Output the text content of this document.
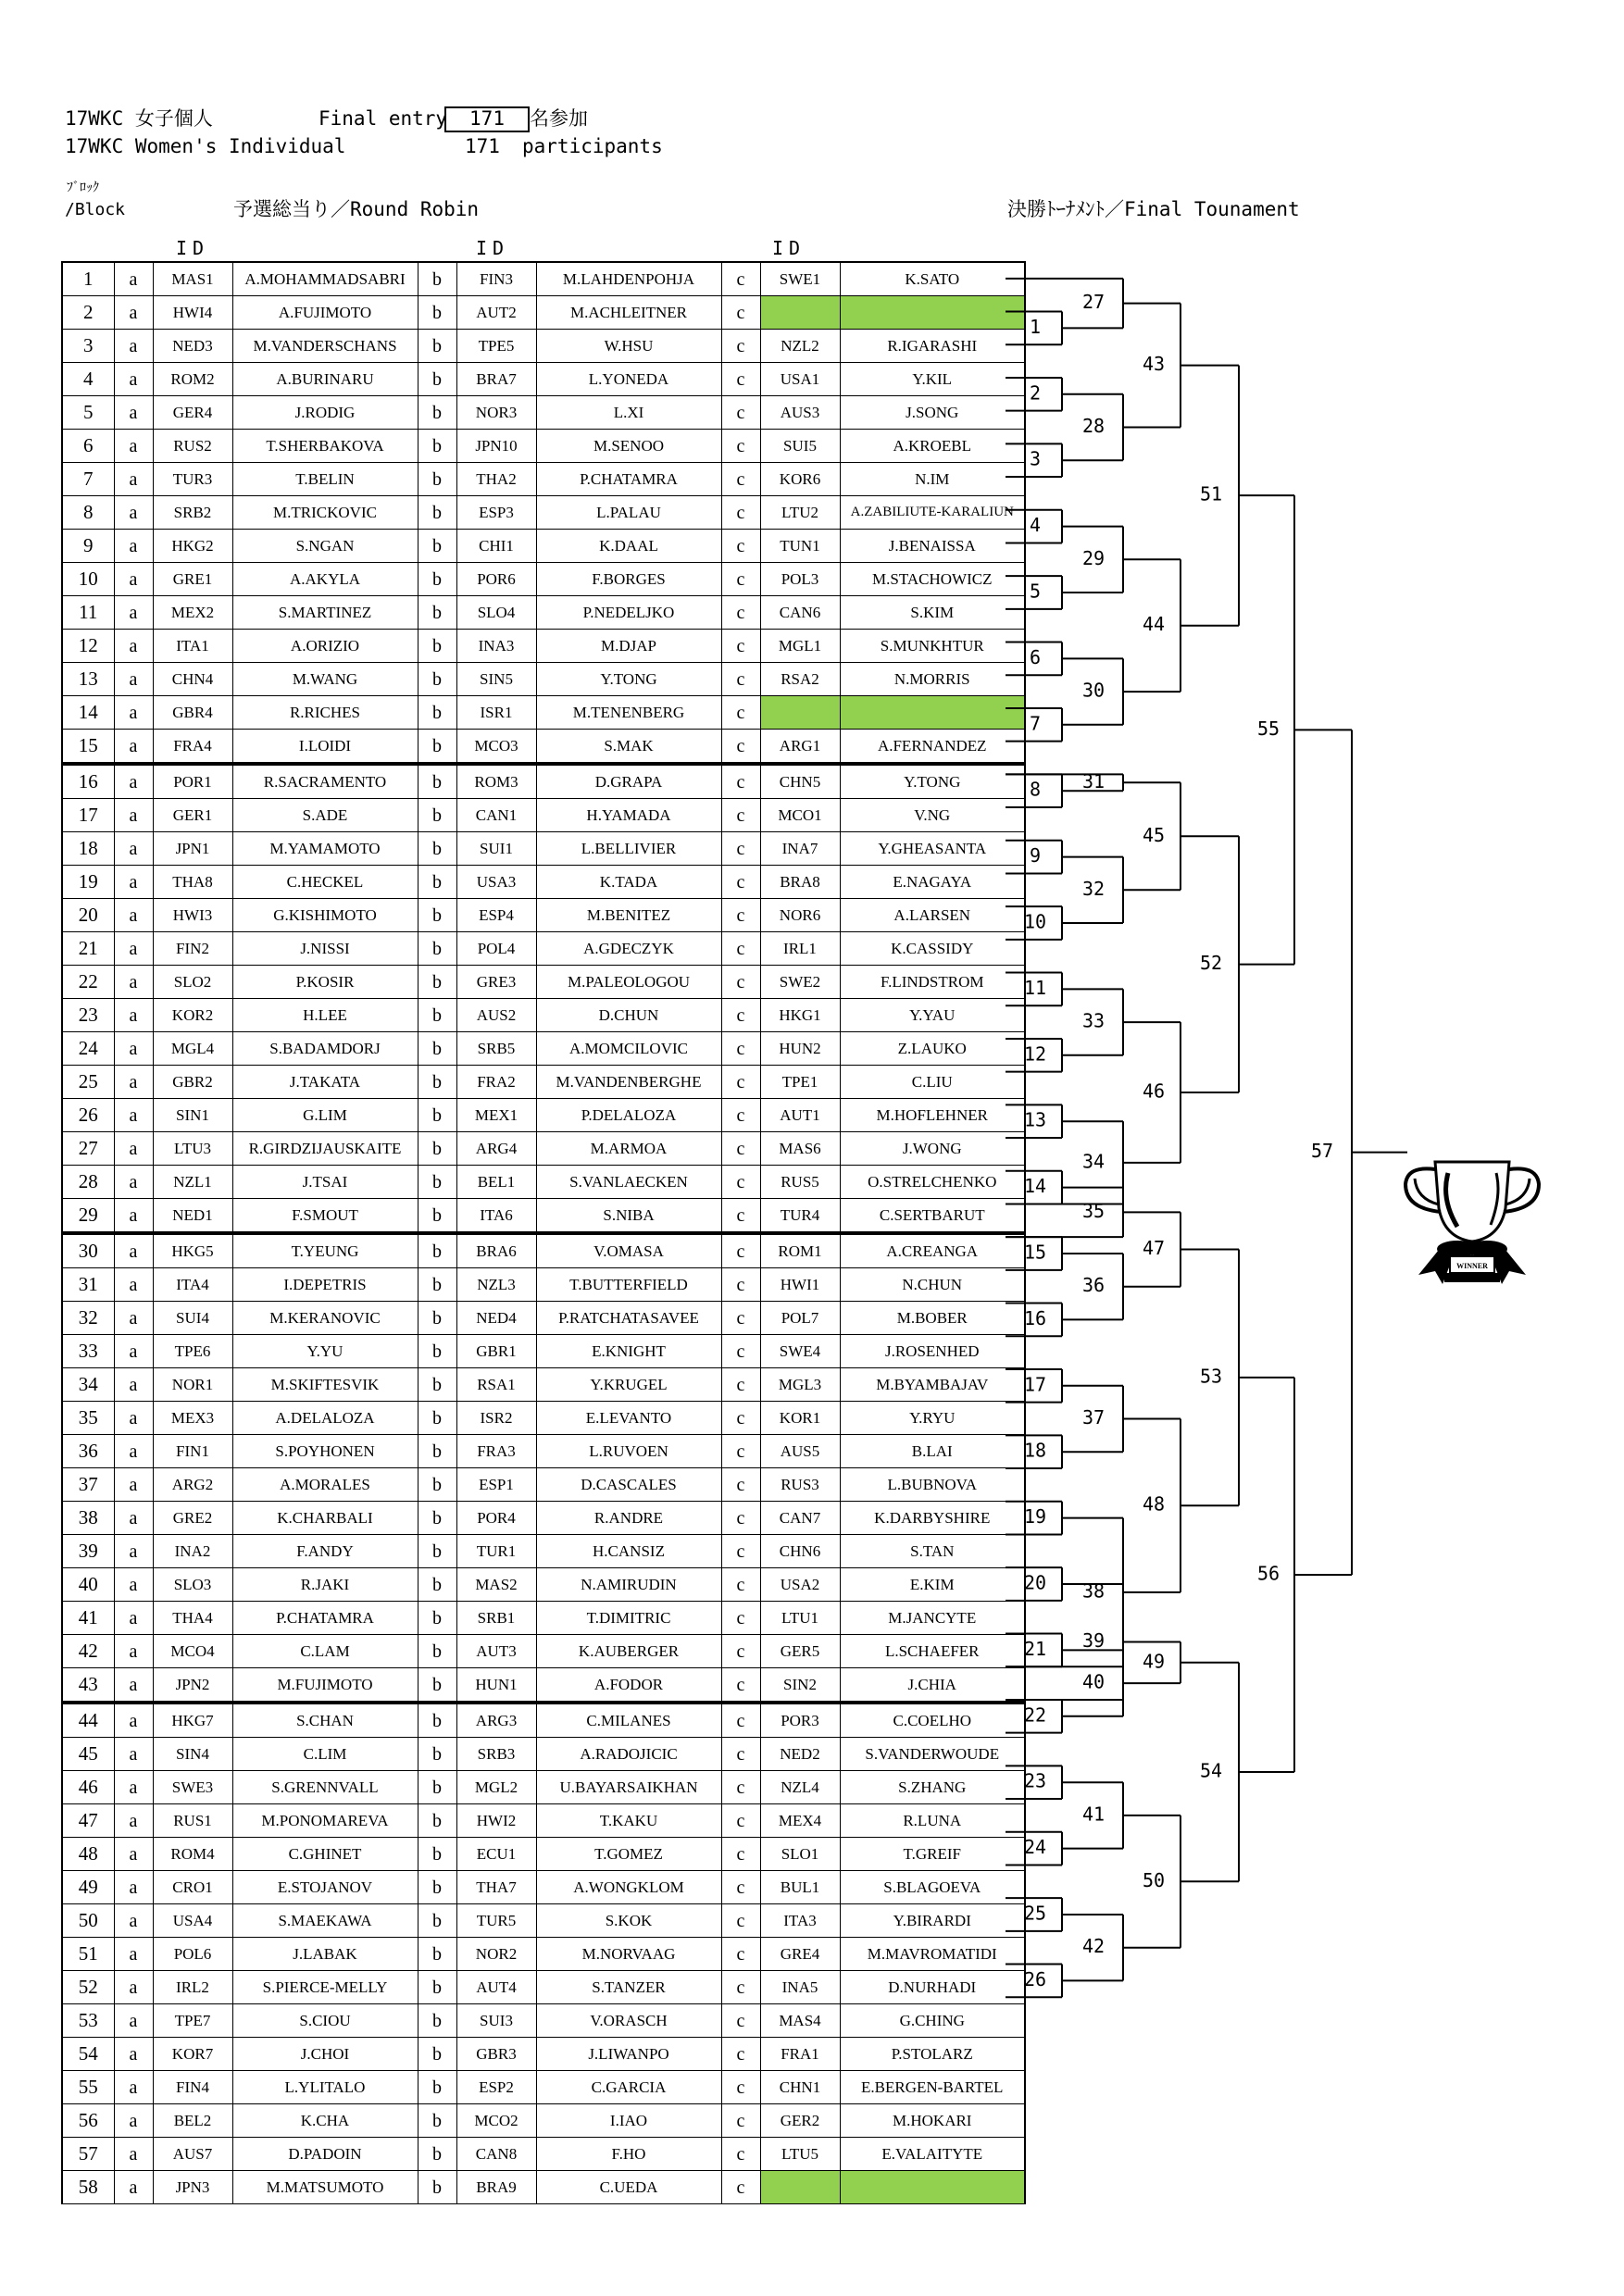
17WKC 女子個人	Final entry	171	名参加
17WKC Women's Individual	171 participants
ﾌﾞﾛｯｸ
/Block	予選総当り／Round Robin	決勝ﾄｰﾅﾒﾝﾄ／Final Tounament
ID	ID	ID
1	a	MAS1	A.MOHAMMADSABRI	b	FIN3	M.LAHDENPOHJA	c	SWE1	K.SATO
2	a	HWI4	A.FUJIMOTO	b	AUT2	M.ACHLEITNER	c		
3	a	NED3	M.VANDERSCHANS	b	TPE5	W.HSU	c	NZL2	R.IGARASHI
4	a	ROM2	A.BURINARU	b	BRA7	L.YONEDA	c	USA1	Y.KIL
5	a	GER4	J.RODIG	b	NOR3	L.XI	c	AUS3	J.SONG
6	a	RUS2	T.SHERBAKOVA	b	JPN10	M.SENOO	c	SUI5	A.KROEBL
7	a	TUR3	T.BELIN	b	THA2	P.CHATAMRA	c	KOR6	N.IM
8	a	SRB2	M.TRICKOVIC	b	ESP3	L.PALAU	c	LTU2	A.ZABILIUTE-KARALIUN
9	a	HKG2	S.NGAN	b	CHI1	K.DAAL	c	TUN1	J.BENAISSA
10	a	GRE1	A.AKYLA	b	POR6	F.BORGES	c	POL3	M.STACHOWICZ
11	a	MEX2	S.MARTINEZ	b	SLO4	P.NEDELJKO	c	CAN6	S.KIM
12	a	ITA1	A.ORIZIO	b	INA3	M.DJAP	c	MGL1	S.MUNKHTUR
13	a	CHN4	M.WANG	b	SIN5	Y.TONG	c	RSA2	N.MORRIS
14	a	GBR4	R.RICHES	b	ISR1	M.TENENBERG	c		
15	a	FRA4	I.LOIDI	b	MCO3	S.MAK	c	ARG1	A.FERNANDEZ
16	a	POR1	R.SACRAMENTO	b	ROM3	D.GRAPA	c	CHN5	Y.TONG
17	a	GER1	S.ADE	b	CAN1	H.YAMADA	c	MCO1	V.NG
18	a	JPN1	M.YAMAMOTO	b	SUI1	L.BELLIVIER	c	INA7	Y.GHEASANTA
19	a	THA8	C.HECKEL	b	USA3	K.TADA	c	BRA8	E.NAGAYA
20	a	HWI3	G.KISHIMOTO	b	ESP4	M.BENITEZ	c	NOR6	A.LARSEN
21	a	FIN2	J.NISSI	b	POL4	A.GDECZYK	c	IRL1	K.CASSIDY
22	a	SLO2	P.KOSIR	b	GRE3	M.PALEOLOGOU	c	SWE2	F.LINDSTROM
23	a	KOR2	H.LEE	b	AUS2	D.CHUN	c	HKG1	Y.YAU
24	a	MGL4	S.BADAMDORJ	b	SRB5	A.MOMCILOVIC	c	HUN2	Z.LAUKO
25	a	GBR2	J.TAKATA	b	FRA2	M.VANDENBERGHE	c	TPE1	C.LIU
26	a	SIN1	G.LIM	b	MEX1	P.DELALOZA	c	AUT1	M.HOFLEHNER
27	a	LTU3	R.GIRDZIJAUSKAITE	b	ARG4	M.ARMOA	c	MAS6	J.WONG
28	a	NZL1	J.TSAI	b	BEL1	S.VANLAECKEN	c	RUS5	O.STRELCHENKO
29	a	NED1	F.SMOUT	b	ITA6	S.NIBA	c	TUR4	C.SERTBARUT
30	a	HKG5	T.YEUNG	b	BRA6	V.OMASA	c	ROM1	A.CREANGA
31	a	ITA4	I.DEPETRIS	b	NZL3	T.BUTTERFIELD	c	HWI1	N.CHUN
32	a	SUI4	M.KERANOVIC	b	NED4	P.RATCHATASAVEE	c	POL7	M.BOBER
33	a	TPE6	Y.YU	b	GBR1	E.KNIGHT	c	SWE4	J.ROSENHED
34	a	NOR1	M.SKIFTESVIK	b	RSA1	Y.KRUGEL	c	MGL3	M.BYAMBAJAV
35	a	MEX3	A.DELALOZA	b	ISR2	E.LEVANTO	c	KOR1	Y.RYU
36	a	FIN1	S.POYHONEN	b	FRA3	L.RUVOEN	c	AUS5	B.LAI
37	a	ARG2	A.MORALES	b	ESP1	D.CASCALES	c	RUS3	L.BUBNOVA
38	a	GRE2	K.CHARBALI	b	POR4	R.ANDRE	c	CAN7	K.DARBYSHIRE
39	a	INA2	F.ANDY	b	TUR1	H.CANSIZ	c	CHN6	S.TAN
40	a	SLO3	R.JAKI	b	MAS2	N.AMIRUDIN	c	USA2	E.KIM
41	a	THA4	P.CHATAMRA	b	SRB1	T.DIMITRIC	c	LTU1	M.JANCYTE
42	a	MCO4	C.LAM	b	AUT3	K.AUBERGER	c	GER5	L.SCHAEFER
43	a	JPN2	M.FUJIMOTO	b	HUN1	A.FODOR	c	SIN2	J.CHIA
44	a	HKG7	S.CHAN	b	ARG3	C.MILANES	c	POR3	C.COELHO
45	a	SIN4	C.LIM	b	SRB3	A.RADOJICIC	c	NED2	S.VANDERWOUDE
46	a	SWE3	S.GRENNVALL	b	MGL2	U.BAYARSAIKHAN	c	NZL4	S.ZHANG
47	a	RUS1	M.PONOMAREVA	b	HWI2	T.KAKU	c	MEX4	R.LUNA
48	a	ROM4	C.GHINET	b	ECU1	T.GOMEZ	c	SLO1	T.GREIF
49	a	CRO1	E.STOJANOV	b	THA7	A.WONGKLOM	c	BUL1	S.BLAGOEVA
50	a	USA4	S.MAEKAWA	b	TUR5	S.KOK	c	ITA3	Y.BIRARDI
51	a	POL6	J.LABAK	b	NOR2	M.NORVAAG	c	GRE4	M.MAVROMATIDI
52	a	IRL2	S.PIERCE-MELLY	b	AUT4	S.TANZER	c	INA5	D.NURHADI
53	a	TPE7	S.CIOU	b	SUI3	V.ORASCH	c	MAS4	G.CHING
54	a	KOR7	J.CHOI	b	GBR3	J.LIWANPO	c	FRA1	P.STOLARZ
55	a	FIN4	L.YLITALO	b	ESP2	C.GARCIA	c	CHN1	E.BERGEN-BARTEL
56	a	BEL2	K.CHA	b	MCO2	I.IAO	c	GER2	M.HOKARI
57	a	AUS7	D.PADOIN	b	CAN8	F.HO	c	LTU5	E.VALAITYTE
58	a	JPN3	M.MATSUMOTO	b	BRA9	C.UEDA	c		
1
2
3
4
5
6
7
8
9
10
11
12
13
14
15
16
17
18
19
20
21
22
23
24
25
26
27
28
29
30
31
32
33
34
35
36
37
38
39
40
41
42
43
44
45
46
47
48
49
50
51
52
53
54
55
56
57
WINNER
